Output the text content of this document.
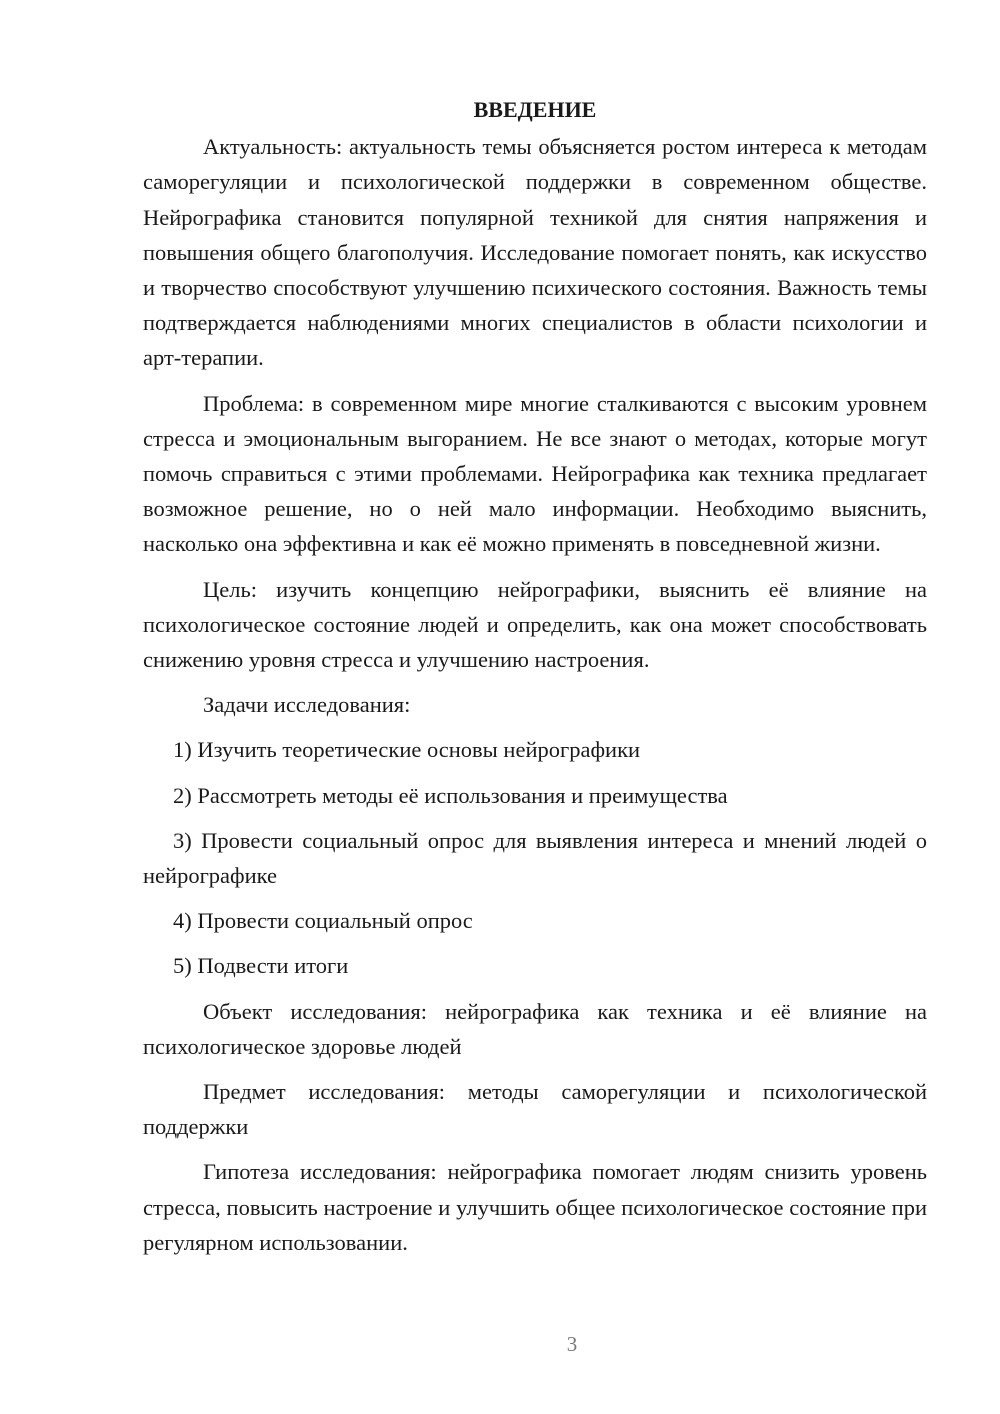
ВВЕДЕНИЕ

Актуальность: актуальность темы объясняется ростом интереса к методам саморегуляции и психологической поддержки в современном обществе. Нейрографика становится популярной техникой для снятия напряжения и повышения общего благополучия. Исследование помогает понять, как искусство и творчество способствуют улучшению психического состояния. Важность темы подтверждается наблюдениями многих специалистов в области психологии и арт-терапии.

Проблема: в современном мире многие сталкиваются с высоким уровнем стресса и эмоциональным выгоранием. Не все знают о методах, которые могут помочь справиться с этими проблемами. Нейрографика как техника предлагает возможное решение, но о ней мало информации. Необходимо выяснить, насколько она эффективна и как её можно применять в повседневной жизни.

Цель: изучить концепцию нейрографики, выяснить её влияние на психологическое состояние людей и определить, как она может способствовать снижению уровня стресса и улучшению настроения.

Задачи исследования:

1) Изучить теоретические основы нейрографики

2) Рассмотреть методы её использования и преимущества

3) Провести социальный опрос для выявления интереса и мнений людей о нейрографике

4) Провести социальный опрос

5) Подвести итоги

Объект исследования: нейрографика как техника и её влияние на психологическое здоровье людей

Предмет исследования: методы саморегуляции и психологической поддержки

Гипотеза исследования: нейрографика помогает людям снизить уровень стресса, повысить настроение и улучшить общее психологическое состояние при регулярном использовании.

3
